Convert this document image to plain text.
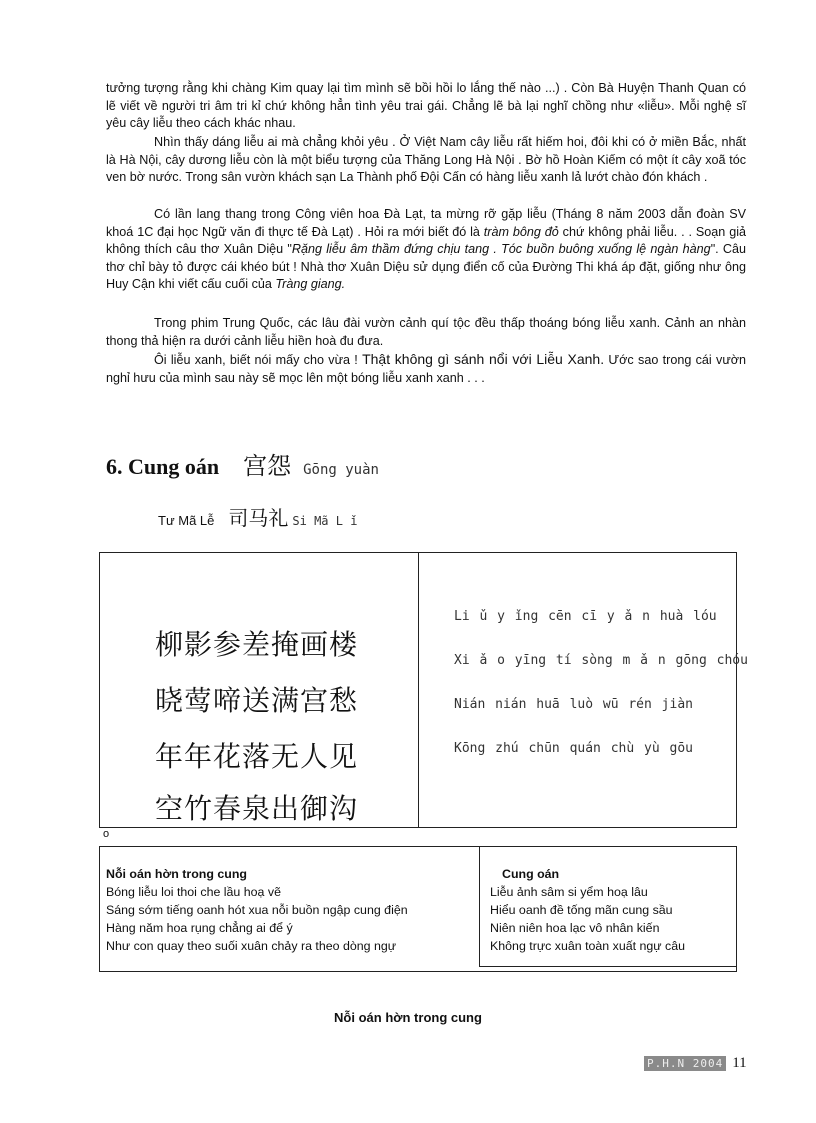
tưởng tượng rằng khi chàng Kim quay lại tìm mình sẽ bồi hồi lo lắng thế nào ...) . Còn Bà Huyện Thanh Quan có lẽ viết về người tri âm tri kỉ chứ không hẳn tình yêu trai gái. Chẳng lẽ bà lại nghĩ chồng như «liễu». Mỗi nghệ sĩ yêu cây liễu theo cách khác nhau.

Nhìn thấy dáng liễu ai mà chẳng khỏi yêu . Ở Việt Nam cây liễu rất hiếm hoi, đôi khi có ở miền Bắc, nhất là Hà Nội, cây dương liễu còn là một biểu tượng của Thăng Long Hà Nội . Bờ hồ Hoàn Kiếm có một ít cây xoã tóc ven bờ nước. Trong sân vườn khách sạn La Thành phố Đội Cấn có hàng liễu xanh lả lướt chào đón khách .

Có lần lang thang trong Công viên hoa Đà Lạt, ta mừng rỡ gặp liễu (Tháng 8 năm 2003 dẫn đoàn SV khoá 1C đại học Ngữ văn đi thực tế Đà Lạt) . Hỏi ra mới biết đó là tràm bông đỏ chứ không phải liễu. . . Soạn giả không thích câu thơ Xuân Diệu "Rặng liễu âm thầm đứng chịu tang . Tóc buồn buông xuống lệ ngàn hàng". Câu thơ chỉ bày tỏ được cái khéo bút ! Nhà thơ Xuân Diệu sử dụng điển cố của Đường Thi khá áp đặt, giống như ông Huy Cận khi viết cấu cuối của Tràng giang.

Trong phim Trung Quốc, các lâu đài vườn cảnh quí tộc đều thấp thoáng bóng liễu xanh. Cảnh an nhàn thong thả hiện ra dưới cảnh liễu hiền hoà đu đưa.

Ôi liễu xanh, biết nói mấy cho vừa ! Thật không gì sánh nổi với Liễu Xanh. Ước sao trong cái vườn nghỉ hưu của mình sau này sẽ mọc lên một bóng liễu xanh xanh . . .

6. Cung oán 宫怨 Gōng yuàn
Tư Mã Lễ 司马礼 Si Mã L ǐ
柳影参差掩画楼
晓莺啼送满宫愁
年年花落无人见
空竹春泉出御沟
Li ǔ y ǐng cēn cī y ǎ n huà lóu
Xi ǎ o yīng tí sòng m ǎ n gōng chóu
Nián nián huā luò wū rén jiàn
Kōng zhú chūn quán chù yù gōu
o
Nỗi oán hờn trong cung
Bóng liễu loi thoi che lầu hoạ vẽ
Sáng sớm tiếng oanh hót xua nỗi buồn ngập cung điện
Hàng năm hoa rụng chẳng ai để ý
Như con quay theo suối xuân chảy ra theo dòng ngự
Cung oán
Liễu ảnh sâm si yểm hoạ lâu
Hiểu oanh đề tống mãn cung sầu
Niên niên hoa lạc vô nhân kiến
Không trực xuân toàn xuất ngự câu
Nỗi oán hờn trong cung
P.H.N 2004 11
